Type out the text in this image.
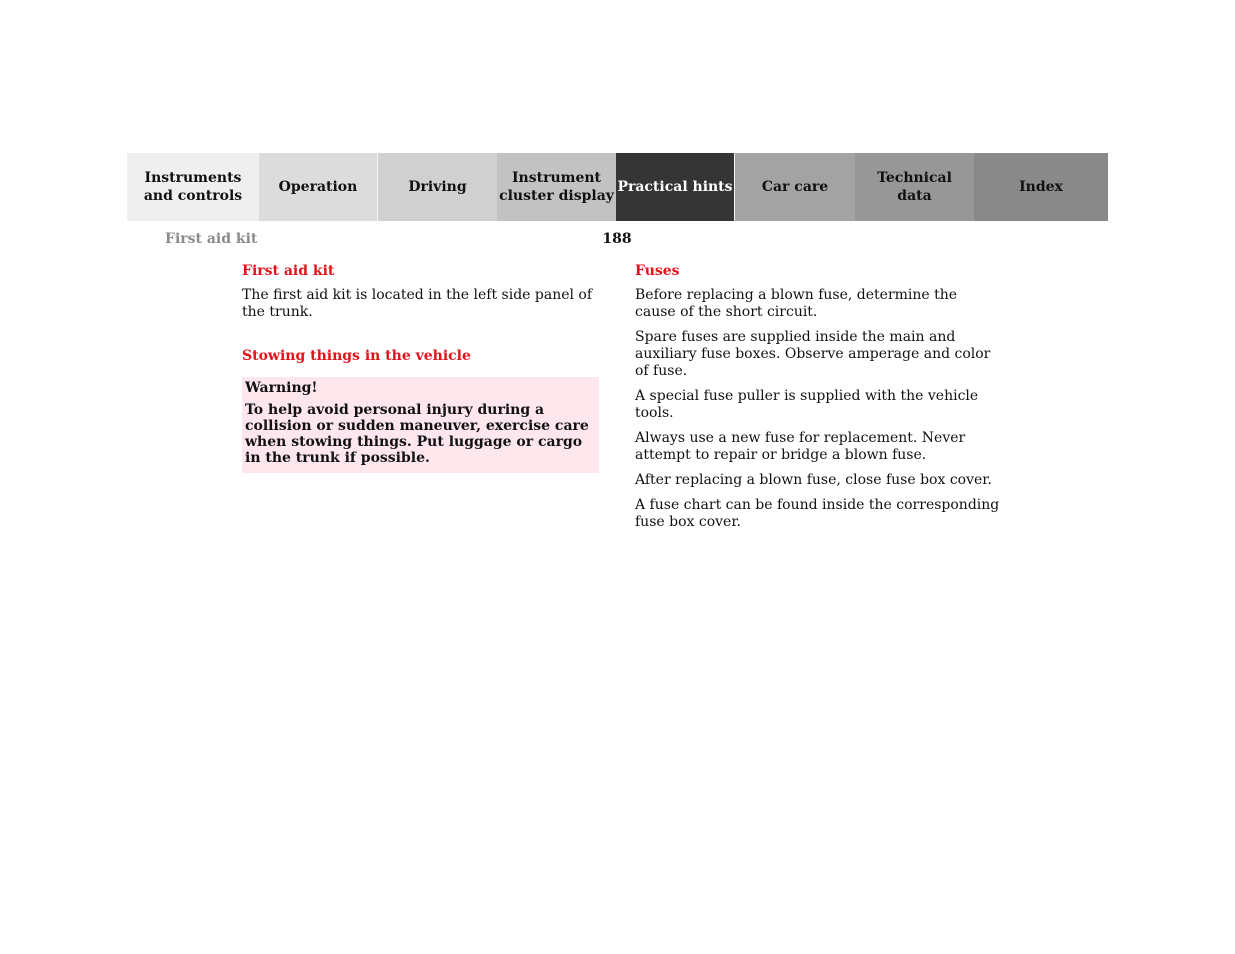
Instruments
and controls
Operation	Driving
Instrument
cluster display
Practical hints	Car care
Technical
data
Index
First aid kit	188

First aid kit

The first aid kit is located in the left side panel of the trunk.

Stowing things in the vehicle

Warning!

To help avoid personal injury during a collision or sudden maneuver, exercise care when stowing things. Put luggage or cargo in the trunk if possible.

Fuses

Before replacing a blown fuse, determine the cause of the short circuit.

Spare fuses are supplied inside the main and auxiliary fuse boxes. Observe amperage and color of fuse.

A special fuse puller is supplied with the vehicle tools.

Always use a new fuse for replacement. Never attempt to repair or bridge a blown fuse.

After replacing a blown fuse, close fuse box cover.

A fuse chart can be found inside the corresponding fuse box cover.
